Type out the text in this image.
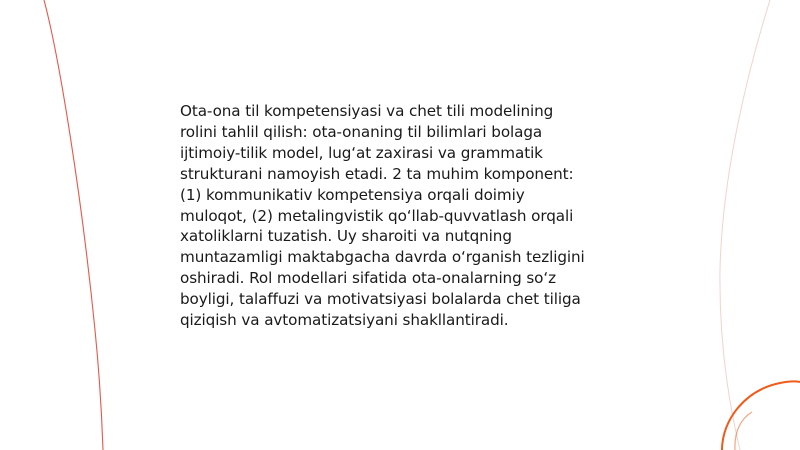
Ota-ona til kompetensiyasi va chet tili modelining
rolini tahlil qilish: ota-onaning til bilimlari bolaga
ijtimoiy-tilik model, lug‘at zaxirasi va grammatik
strukturani namoyish etadi. 2 ta muhim komponent:
(1) kommunikativ kompetensiya orqali doimiy
muloqot, (2) metalingvistik qo‘llab-quvvatlash orqali
xatoliklarni tuzatish. Uy sharoiti va nutqning
muntazamligi maktabgacha davrda o‘rganish tezligini
oshiradi. Rol modellari sifatida ota-onalarning so‘z
boyligi, talaffuzi va motivatsiyasi bolalarda chet tiliga
qiziqish va avtomatizatsiyani shakllantiradi.
